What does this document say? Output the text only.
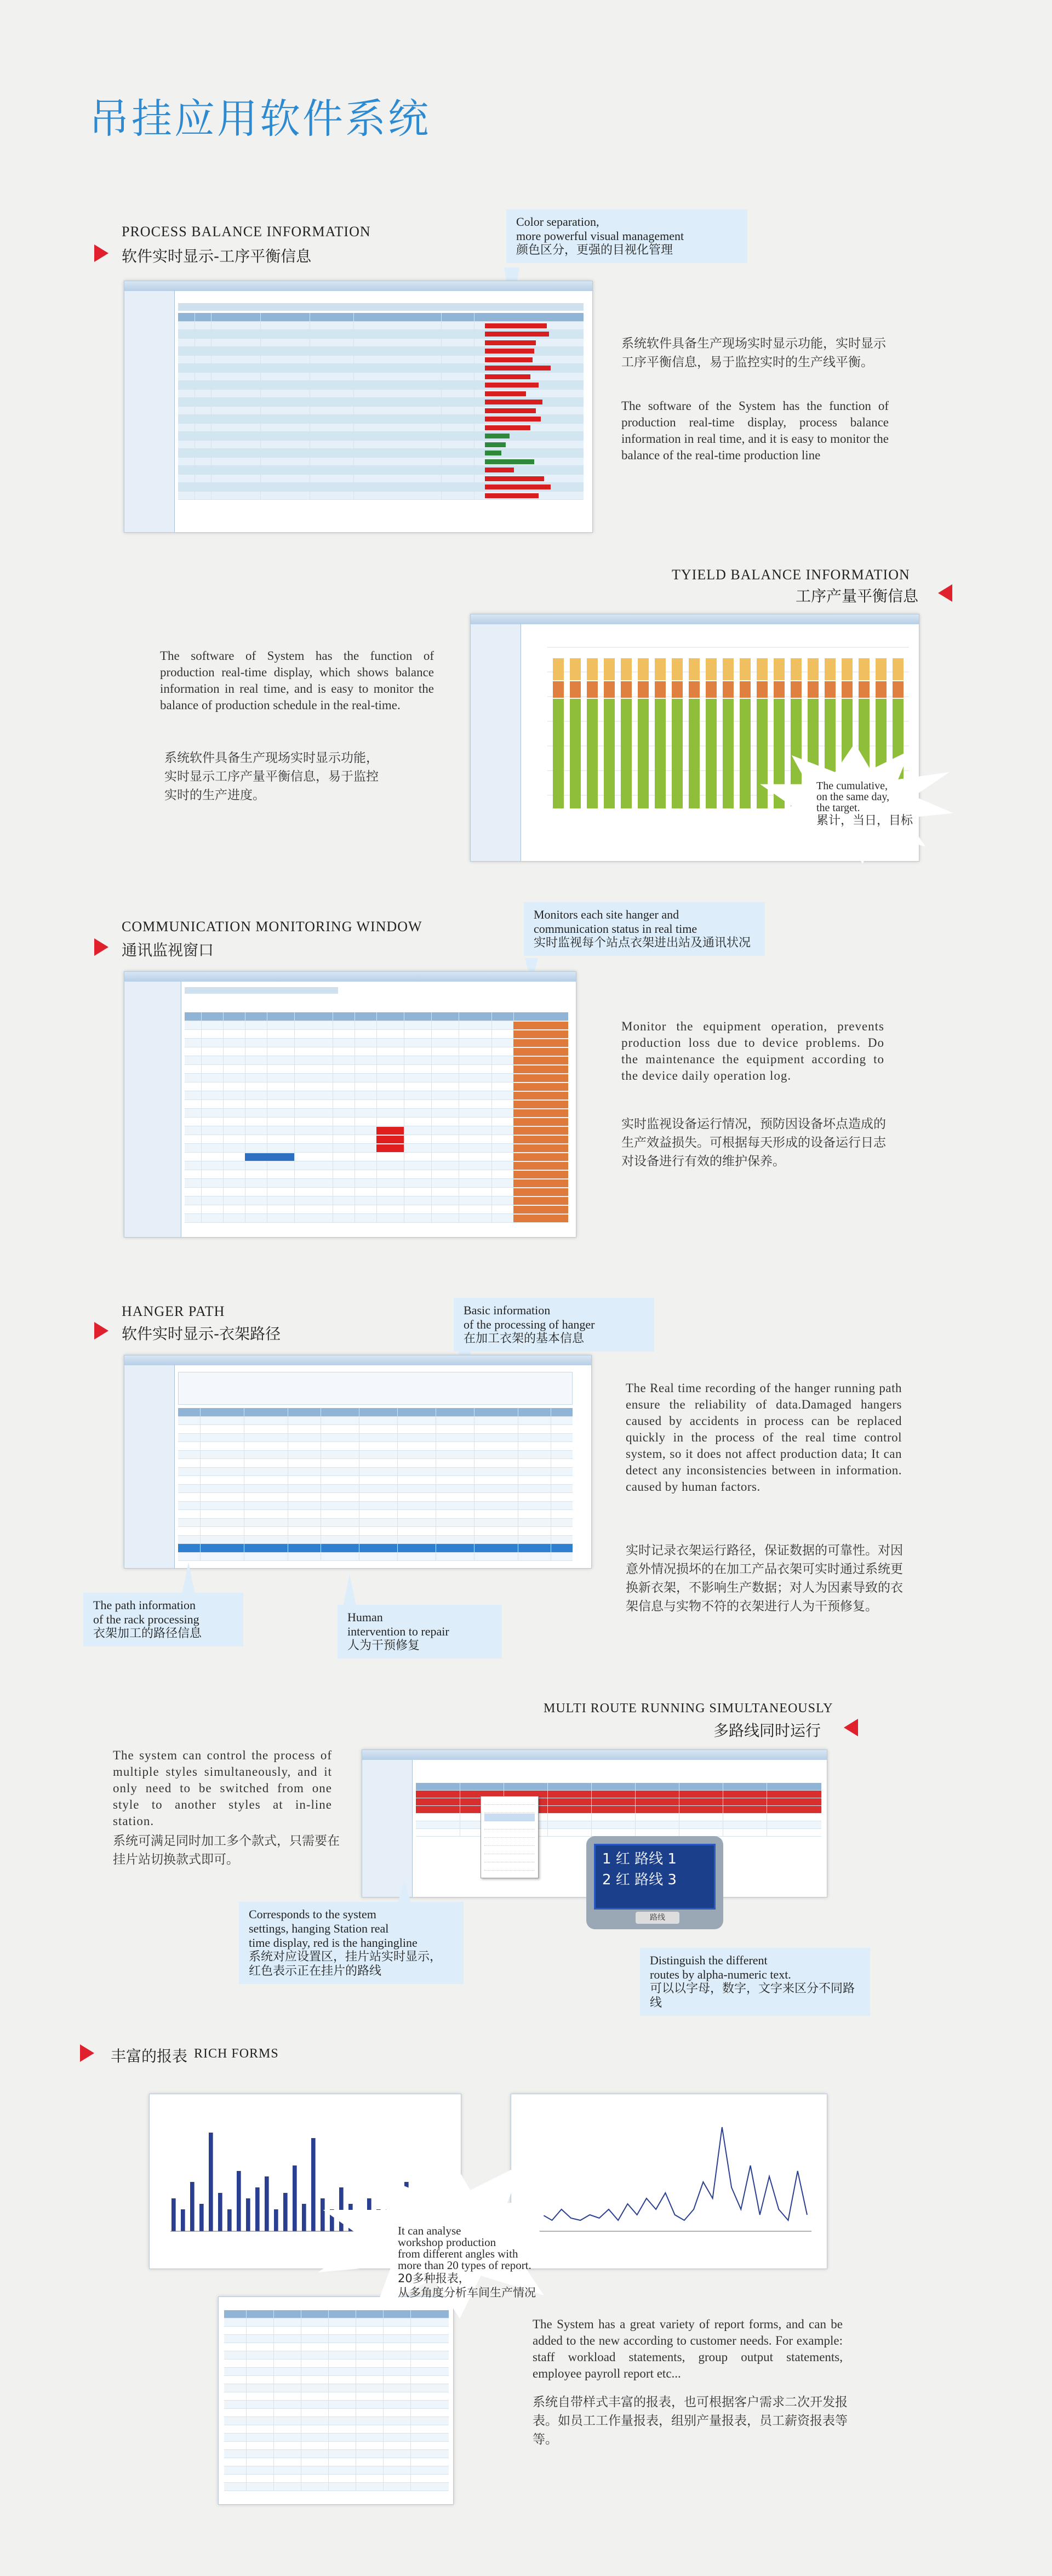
吊挂应用软件系统
PROCESS BALANCE INFORMATION
软件实时显示-工序平衡信息
Color separation,
more powerful visual management
颜色区分，更强的目视化管理
系统软件具备生产现场实时显示功能，实时显示工序平衡信息，易于监控实时的生产线平衡。
The software of the System has the function of production real-time display, process balance information in real time, and it is easy to monitor the balance of the real-time production line
TYIELD BALANCE INFORMATION
工序产量平衡信息
The software of System has the function of production real-time display, which shows balance information in real time, and is easy to monitor the balance of production schedule in the real-time.
系统软件具备生产现场实时显示功能，实时显示工序产量平衡信息，易于监控实时的生产进度。
The cumulative,
on the same day,
the target.
累计，当日，目标
COMMUNICATION MONITORING WINDOW
通讯监视窗口
Monitors each site hanger and
communication status in real time
实时监视每个站点衣架进出站及通讯状况
Monitor the equipment operation, prevents production loss due to device problems. Do the maintenance the equipment according to the device daily operation log.
实时监视设备运行情况，预防因设备坏点造成的生产效益损失。可根据每天形成的设备运行日志对设备进行有效的维护保养。
HANGER PATH
软件实时显示-衣架路径
Basic information
of the processing of hanger
在加工衣架的基本信息
The path information
of the rack processing
衣架加工的路径信息
Human
intervention to repair
人为干预修复
The Real time recording of the hanger running path ensure the reliability of data.Damaged hangers caused by accidents in process can be replaced quickly in the process of the real time control system, so it does not affect production data; It can detect any inconsistencies between in information. caused by human factors.
实时记录衣架运行路径，保证数据的可靠性。对因意外情况损坏的在加工产品衣架可实时通过系统更换新衣架，不影响生产数据；对人为因素导致的衣架信息与实物不符的衣架进行人为干预修复。
MULTI ROUTE RUNNING SIMULTANEOUSLY
多路线同时运行
The system can control the process of multiple styles simultaneously, and it only need to be switched from one style to another styles at in-line station.
系统可满足同时加工多个款式，只需要在挂片站切换款式即可。	1 红 路线 1
2 红 路线 3
路线
Corresponds to the system
settings, hanging Station real
time display, red is the hangingline
系统对应设置区，挂片站实时显示，
红色表示正在挂片的路线
Distinguish the different
routes by alpha-numeric text.
可以以字母，数字，文字来区分不同路线
丰富的报表 RICH FORMS
It can analyse
workshop production
from different angles with
more than 20 types of report.
20多种报表，
从多角度分析车间生产情况
The System has a great variety of report forms, and can be added to the new according to customer needs. For example: staff workload statements, group output statements, employee payroll report etc...
系统自带样式丰富的报表，也可根据客户需求二次开发报表。如员工工作量报表，组别产量报表，员工薪资报表等等。
